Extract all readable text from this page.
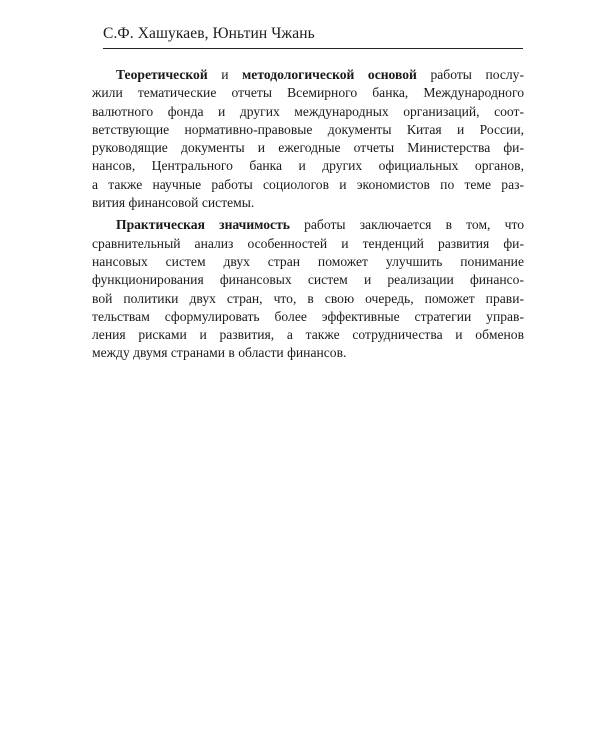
С.Ф. Хашукаев, Юньтин Чжань
Теоретической и методологической основой работы послу-
жили тематические отчеты Всемирного банка, Международного
валютного фонда и других международных организаций, соот-
ветствующие нормативно-правовые документы Китая и России,
руководящие документы и ежегодные отчеты Министерства фи-
нансов, Центрального банка и других официальных органов,
а также научные работы социологов и экономистов по теме раз-
вития финансовой системы.
Практическая значимость работы заключается в том, что
сравнительный анализ особенностей и тенденций развития фи-
нансовых систем двух стран поможет улучшить понимание
функционирования финансовых систем и реализации финансо-
вой политики двух стран, что, в свою очередь, поможет прави-
тельствам сформулировать более эффективные стратегии управ-
ления рисками и развития, а также сотрудничества и обменов
между двумя странами в области финансов.
